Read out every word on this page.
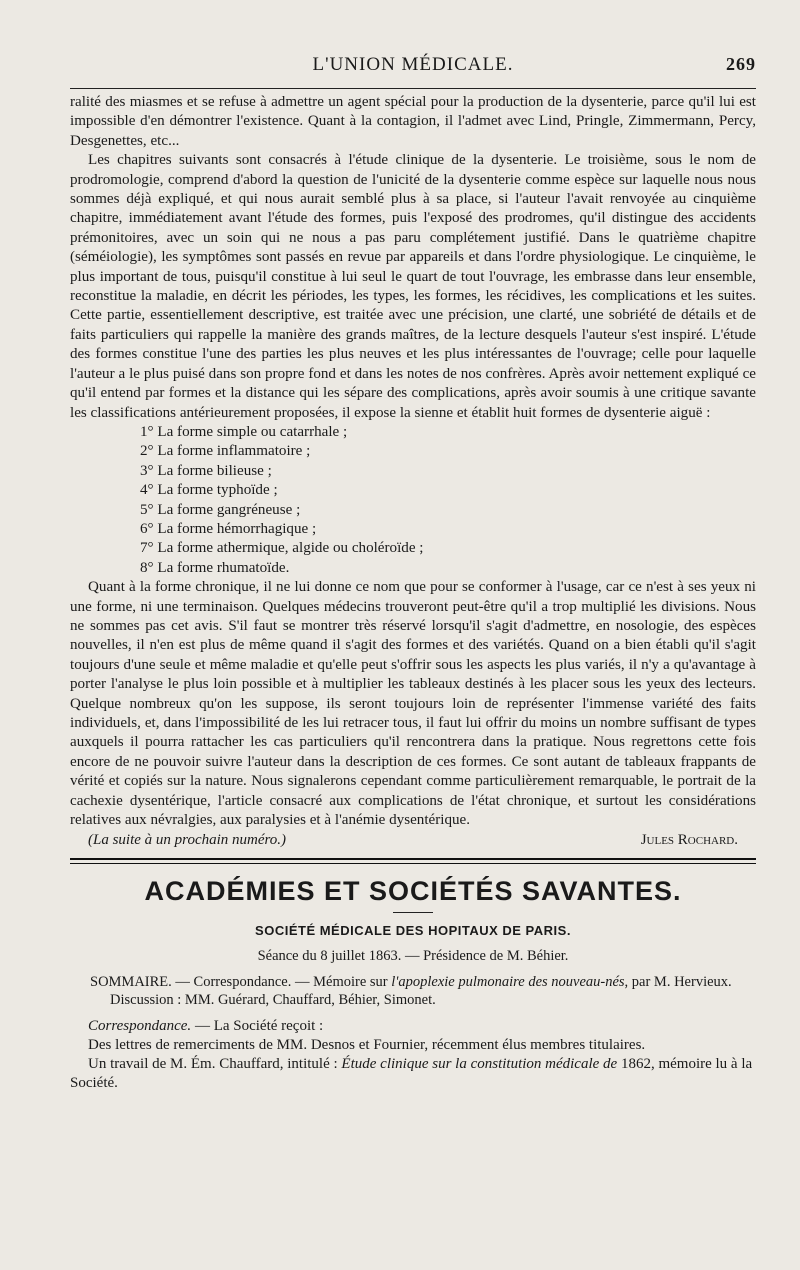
L'UNION MÉDICALE.	269

ralité des miasmes et se refuse à admettre un agent spécial pour la production de la dysenterie, parce qu'il lui est impossible d'en démontrer l'existence. Quant à la contagion, il l'admet avec Lind, Pringle, Zimmermann, Percy, Desgenettes, etc...

Les chapitres suivants sont consacrés à l'étude clinique de la dysenterie. Le troisième, sous le nom de prodromologie, comprend d'abord la question de l'unicité de la dysenterie comme espèce sur laquelle nous nous sommes déjà expliqué, et qui nous aurait semblé plus à sa place, si l'auteur l'avait renvoyée au cinquième chapitre, immédiatement avant l'étude des formes, puis l'exposé des prodromes, qu'il distingue des accidents prémonitoires, avec un soin qui ne nous a pas paru complétement justifié. Dans le quatrième chapitre (séméiologie), les symptômes sont passés en revue par appareils et dans l'ordre physiologique. Le cinquième, le plus important de tous, puisqu'il constitue à lui seul le quart de tout l'ouvrage, les embrasse dans leur ensemble, reconstitue la maladie, en décrit les périodes, les types, les formes, les récidives, les complications et les suites. Cette partie, essentiellement descriptive, est traitée avec une précision, une clarté, une sobriété de détails et de faits particuliers qui rappelle la manière des grands maîtres, de la lecture desquels l'auteur s'est inspiré. L'étude des formes constitue l'une des parties les plus neuves et les plus intéressantes de l'ouvrage; celle pour laquelle l'auteur a le plus puisé dans son propre fond et dans les notes de nos confrères. Après avoir nettement expliqué ce qu'il entend par formes et la distance qui les sépare des complications, après avoir soumis à une critique savante les classifications antérieurement proposées, il expose la sienne et établit huit formes de dysenterie aiguë :

1° La forme simple ou catarrhale ;
2° La forme inflammatoire ;
3° La forme bilieuse ;
4° La forme typhoïde ;
5° La forme gangréneuse ;
6° La forme hémorrhagique ;
7° La forme athermique, algide ou choléroïde ;
8° La forme rhumatoïde.

Quant à la forme chronique, il ne lui donne ce nom que pour se conformer à l'usage, car ce n'est à ses yeux ni une forme, ni une terminaison. Quelques médecins trouveront peut-être qu'il a trop multiplié les divisions. Nous ne sommes pas cet avis. S'il faut se montrer très réservé lorsqu'il s'agit d'admettre, en nosologie, des espèces nouvelles, il n'en est plus de même quand il s'agit des formes et des variétés. Quand on a bien établi qu'il s'agit toujours d'une seule et même maladie et qu'elle peut s'offrir sous les aspects les plus variés, il n'y a qu'avantage à porter l'analyse le plus loin possible et à multiplier les tableaux destinés à les placer sous les yeux des lecteurs. Quelque nombreux qu'on les suppose, ils seront toujours loin de représenter l'immense variété des faits individuels, et, dans l'impossibilité de les lui retracer tous, il faut lui offrir du moins un nombre suffisant de types auxquels il pourra rattacher les cas particuliers qu'il rencontrera dans la pratique. Nous regrettons cette fois encore de ne pouvoir suivre l'auteur dans la description de ces formes. Ce sont autant de tableaux frappants de vérité et copiés sur la nature. Nous signalerons cependant comme particulièrement remarquable, le portrait de la cachexie dysentérique, l'article consacré aux complications de l'état chronique, et surtout les considérations relatives aux névralgies, aux paralysies et à l'anémie dysentérique.

(La suite à un prochain numéro.)	Jules Rochard.
ACADÉMIES ET SOCIÉTÉS SAVANTES.
SOCIÉTÉ MÉDICALE DES HOPITAUX DE PARIS.
Séance du 8 juillet 1863. — Présidence de M. Béhier.
SOMMAIRE. — Correspondance. — Mémoire sur l'apoplexie pulmonaire des nouveau-nés, par M. Hervieux. Discussion : MM. Guérard, Chauffard, Béhier, Simonet.

Correspondance. — La Société reçoit :

Des lettres de remerciments de MM. Desnos et Fournier, récemment élus membres titulaires.

Un travail de M. Ém. Chauffard, intitulé : Étude clinique sur la constitution médicale de 1862, mémoire lu à la Société.
